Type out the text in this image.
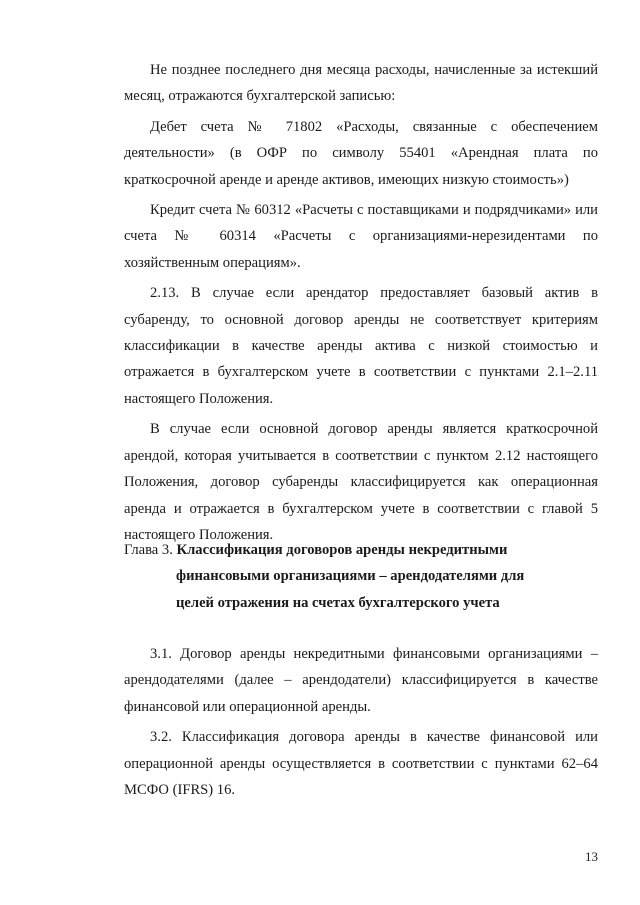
Не позднее последнего дня месяца расходы, начисленные за истекший месяц, отражаются бухгалтерской записью:

Дебет счета № 71802 «Расходы, связанные с обеспечением деятельности» (в ОФР по символу 55401 «Арендная плата по краткосрочной аренде и аренде активов, имеющих низкую стоимость»)

Кредит счета № 60312 «Расчеты с поставщиками и подрядчиками» или счета № 60314 «Расчеты с организациями-нерезидентами по хозяйственным операциям».

2.13. В случае если арендатор предоставляет базовый актив в субаренду, то основной договор аренды не соответствует критериям классификации в качестве аренды актива с низкой стоимостью и отражается в бухгалтерском учете в соответствии с пунктами 2.1–2.11 настоящего Положения.

В случае если основной договор аренды является краткосрочной арендой, которая учитывается в соответствии с пунктом 2.12 настоящего Положения, договор субаренды классифицируется как операционная аренда и отражается в бухгалтерском учете в соответствии с главой 5 настоящего Положения.

Глава 3. Классификация договоров аренды некредитными

финансовыми организациями – арендодателями для

целей отражения на счетах бухгалтерского учета

3.1. Договор аренды некредитными финансовыми организациями – арендодателями (далее – арендодатели) классифицируется в качестве финансовой или операционной аренды.

3.2. Классификация договора аренды в качестве финансовой или операционной аренды осуществляется в соответствии с пунктами 62–64 МСФО (IFRS) 16.

13
